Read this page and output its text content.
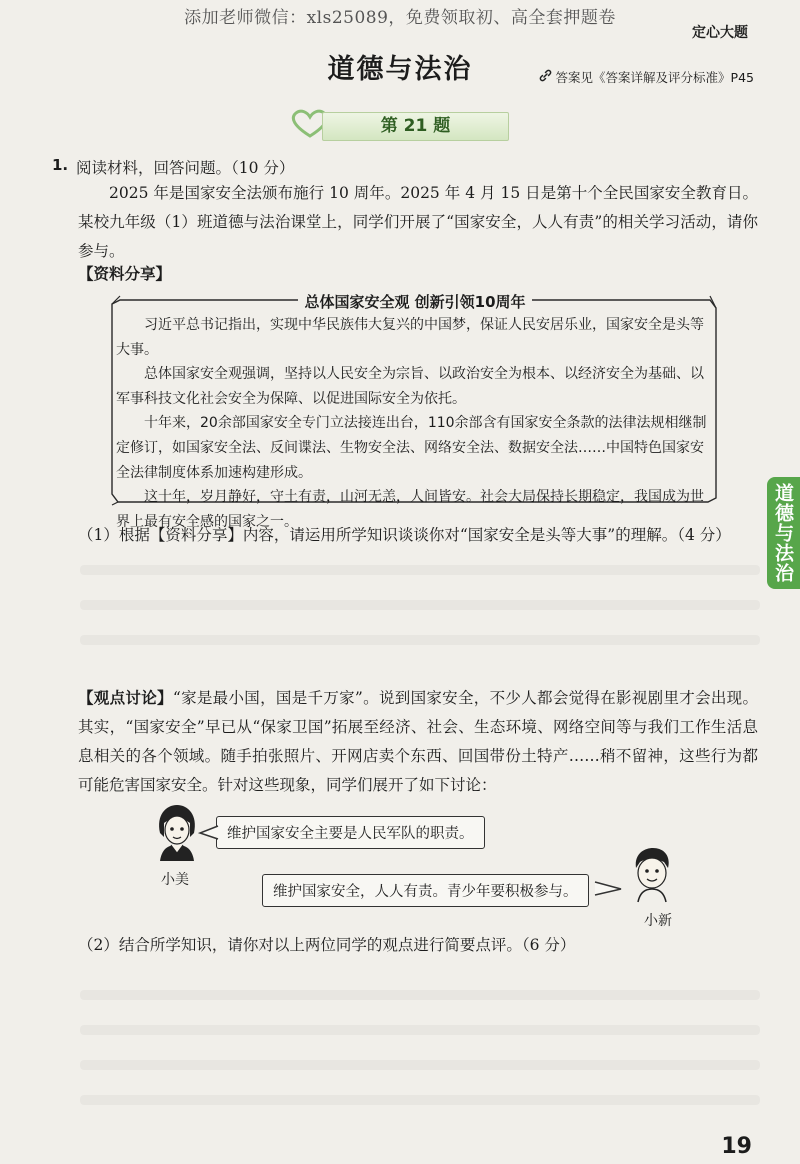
添加老师微信：xls25089，免费领取初、高全套押题卷
定心大题
道德与法治	答案见《答案详解及评分标准》P45
第 21 题
1. 阅读材料，回答问题。（10 分）
2025 年是国家安全法颁布施行 10 周年。2025 年 4 月 15 日是第十个全民国家安全教育日。某校九年级（1）班道德与法治课堂上，同学们开展了“国家安全，人人有责”的相关学习活动，请你参与。
【资料分享】
总体国家安全观 创新引领10周年

习近平总书记指出，实现中华民族伟大复兴的中国梦，保证人民安居乐业，国家安全是头等大事。

总体国家安全观强调，坚持以人民安全为宗旨、以政治安全为根本、以经济安全为基础、以军事科技文化社会安全为保障、以促进国际安全为依托。

十年来，20余部国家安全专门立法接连出台，110余部含有国家安全条款的法律法规相继制定修订，如国家安全法、反间谍法、生物安全法、网络安全法、数据安全法……中国特色国家安全法律制度体系加速构建形成。

这十年，岁月静好，守土有责，山河无恙，人间皆安。社会大局保持长期稳定，我国成为世界上最有安全感的国家之一。	道德与法治
（1）根据【资料分享】内容，请运用所学知识谈谈你对“国家安全是头等大事”的理解。（4 分）
【观点讨论】“家是最小国，国是千万家”。说到国家安全，不少人都会觉得在影视剧里才会出现。其实，“国家安全”早已从“保家卫国”拓展至经济、社会、生态环境、网络空间等与我们工作生活息息相关的各个领域。随手拍张照片、开网店卖个东西、回国带份土特产……稍不留神，这些行为都可能危害国家安全。针对这些现象，同学们展开了如下讨论：
维护国家安全主要是人民军队的职责。
小美
维护国家安全，人人有责。青少年要积极参与。
小新
（2）结合所学知识，请你对以上两位同学的观点进行简要点评。（6 分）
19
